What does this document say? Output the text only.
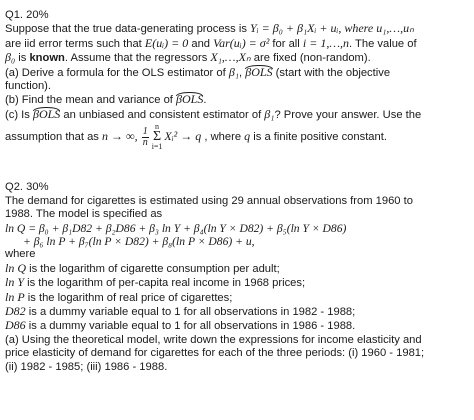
Q1. 20%
Suppose that the true data-generating process is Yᵢ = β₀ + β₁Xᵢ + uᵢ, where u₁,…,uₙ
are iid error terms such that E(uᵢ) = 0 and Var(uᵢ) = σ² for all i = 1,…,n. The value of
β₀ is known. Assume that the regressors X₁,…,Xₙ are fixed (non-random).
(a) Derive a formula for the OLS estimator of β₁, βOLS (start with the objective
function).
(b) Find the mean and variance of βOLS.
(c) Is βOLS an unbiased and consistent estimator of β₁? Prove your answer. Use the
assumption that as n → ∞, $\frac{1}{n}$ n
Σ
i=1
Xᵢ² → q , where q is a finite positive constant.
Q2. 30%
The demand for cigarettes is estimated using 29 annual observations from 1960 to
1988. The model is specified as
ln Q = β₀ + β₁D82 + β₂D86 + β₃ ln Y + β₄(ln Y × D82) + β₅(ln Y × D86)
+ β₆ ln P + β₇(ln P × D82) + β₈(ln P × D86) + u,
where
ln Q is the logarithm of cigarette consumption per adult;
ln Y is the logarithm of per-capita real income in 1968 prices;
ln P is the logarithm of real price of cigarettes;
D82 is a dummy variable equal to 1 for all observations in 1982 - 1988;
D86 is a dummy variable equal to 1 for all observations in 1986 - 1988.
(a) Using the theoretical model, write down the expressions for income elasticity and
price elasticity of demand for cigarettes for each of the three periods: (i) 1960 - 1981;
(ii) 1982 - 1985; (iii) 1986 - 1988.
